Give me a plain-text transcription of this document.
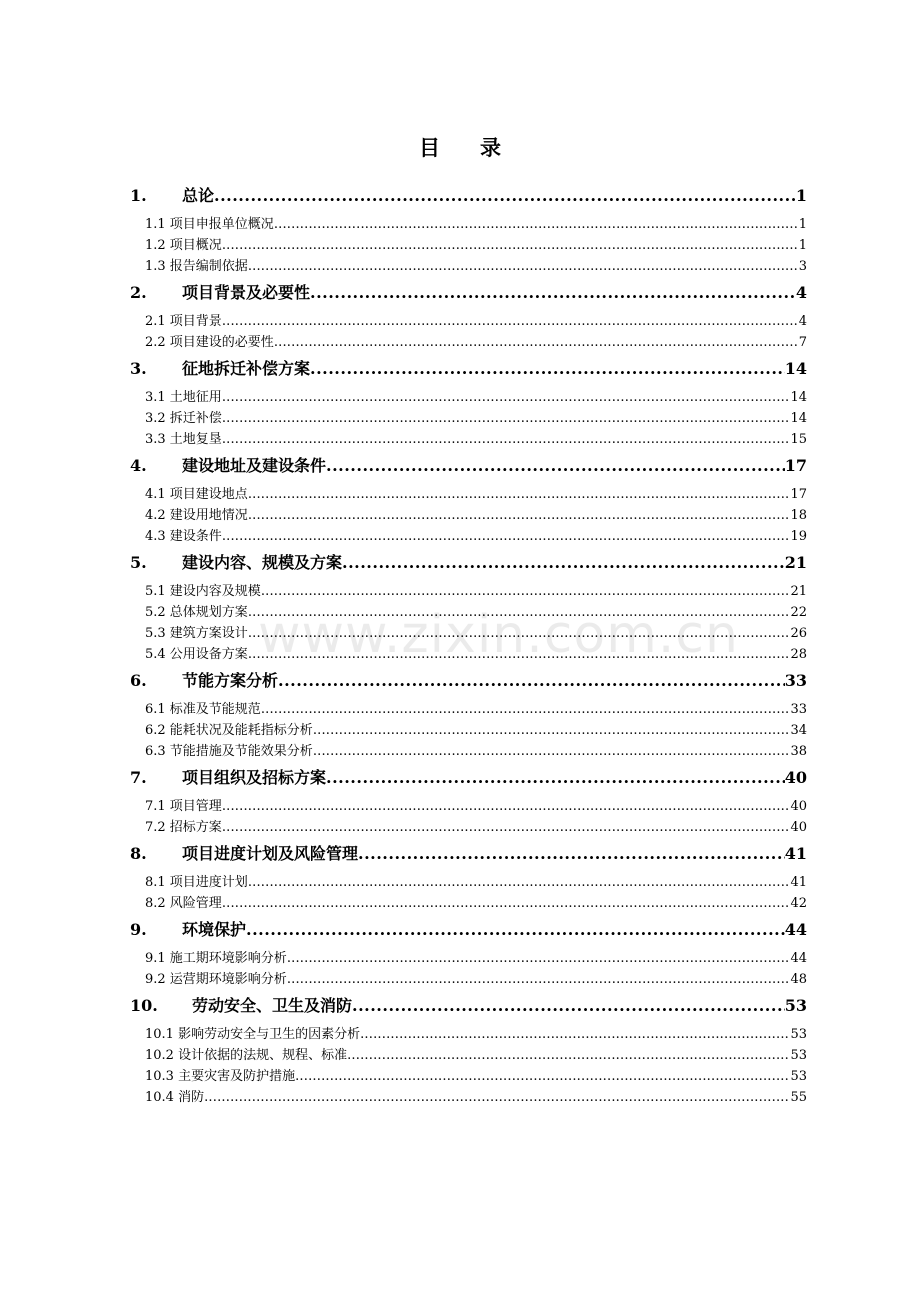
目 录
www.zixin.com.cn
1. 总论 .....	1
1.1 项目申报单位概况 .....	1
1.2 项目概况 .....	1
1.3 报告编制依据 .....	3
2. 项目背景及必要性 .....	4
2.1 项目背景 .....	4
2.2 项目建设的必要性 .....	7
3. 征地拆迁补偿方案 .....	14
3.1 土地征用 .....	14
3.2 拆迁补偿 .....	14
3.3 土地复垦 .....	15
4. 建设地址及建设条件 .....	17
4.1 项目建设地点 .....	17
4.2 建设用地情况 .....	18
4.3 建设条件 .....	19
5. 建设内容、规模及方案 .....	21
5.1 建设内容及规模 .....	21
5.2 总体规划方案 .....	22
5.3 建筑方案设计 .....	26
5.4 公用设备方案 .....	28
6. 节能方案分析 .....	33
6.1 标准及节能规范 .....	33
6.2 能耗状况及能耗指标分析 .....	34
6.3 节能措施及节能效果分析 .....	38
7. 项目组织及招标方案 .....	40
7.1 项目管理 .....	40
7.2 招标方案 .....	40
8. 项目进度计划及风险管理 .....	41
8.1 项目进度计划 .....	41
8.2 风险管理 .....	42
9. 环境保护 .....	44
9.1 施工期环境影响分析 .....	44
9.2 运营期环境影响分析 .....	48
10. 劳动安全、卫生及消防 .....	53
10.1 影响劳动安全与卫生的因素分析 .....	53
10.2 设计依据的法规、规程、标准 .....	53
10.3 主要灾害及防护措施 .....	53
10.4 消防 .....	55
